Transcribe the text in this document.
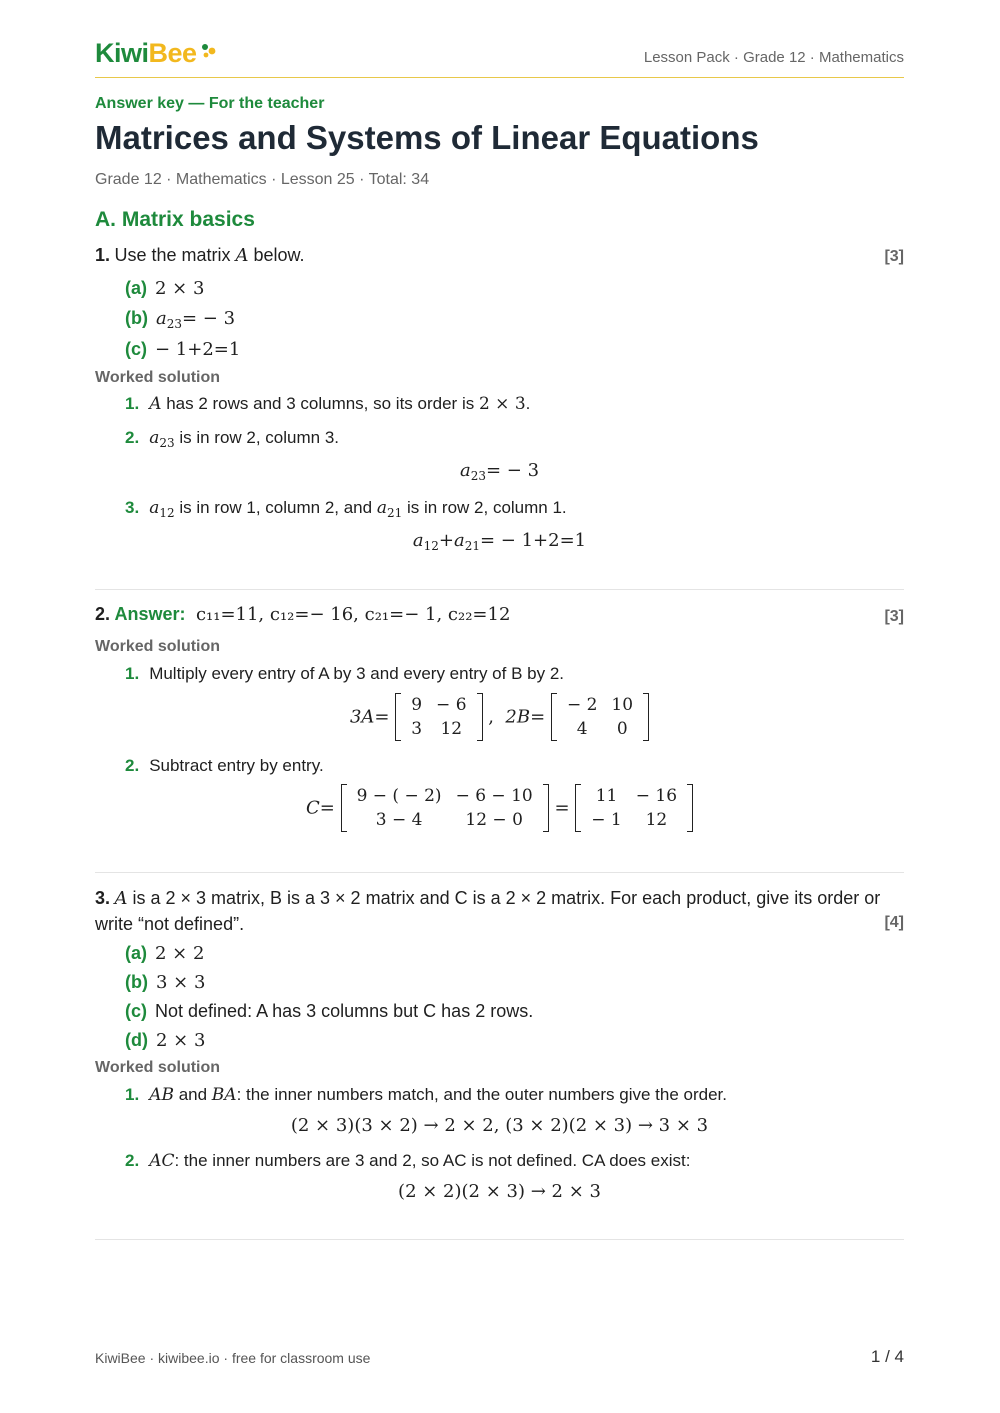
KiwiBee	Lesson Pack · Grade 12 · Mathematics
Answer key — For the teacher
Matrices and Systems of Linear Equations
Grade 12 · Mathematics · Lesson 25 · Total: 34
A. Matrix basics
1. Use the matrix A below.	[3]
(a) 2 × 3
(b) $a_{23}= - 3$
(c) − 1+2=1
Worked solution
1. A has 2 rows and 3 columns, so its order is 2 × 3.
2. $a_{23}$ is in row 2, column 3.
$a_{23}= - 3$
3. $a_{12}$ is in row 1, column 2, and $a_{21}$ is in row 2, column 1.
$a_{12}+a_{21}= - 1+2=1$
2. Answer: c₁₁=11, c₁₂=− 16, c₂₁=− 1, c₂₂=12	[3]
Worked solution
1. Multiply every entry of A by 3 and every entry of B by 2.
3A=
9	− 6
3	12
,  2B=
− 2	10
4	0
2. Subtract entry by entry.
C=
9 − ( − 2)	− 6 − 10
3 − 4	12 − 0
=
11	− 16
− 1	12
3. A is a 2 × 3 matrix, B is a 3 × 2 matrix and C is a 2 × 2 matrix. For each product, give its order or
write “not defined”.	[4]
(a) 2 × 2
(b) 3 × 3
(c) Not defined: A has 3 columns but C has 2 rows.
(d) 2 × 3
Worked solution
1. AB and BA: the inner numbers match, and the outer numbers give the order.
(2 × 3)(3 × 2) → 2 × 2, (3 × 2)(2 × 3) → 3 × 3
2. AC: the inner numbers are 3 and 2, so AC is not defined. CA does exist:
(2 × 2)(2 × 3) → 2 × 3
KiwiBee · kiwibee.io · free for classroom use	1 / 4
